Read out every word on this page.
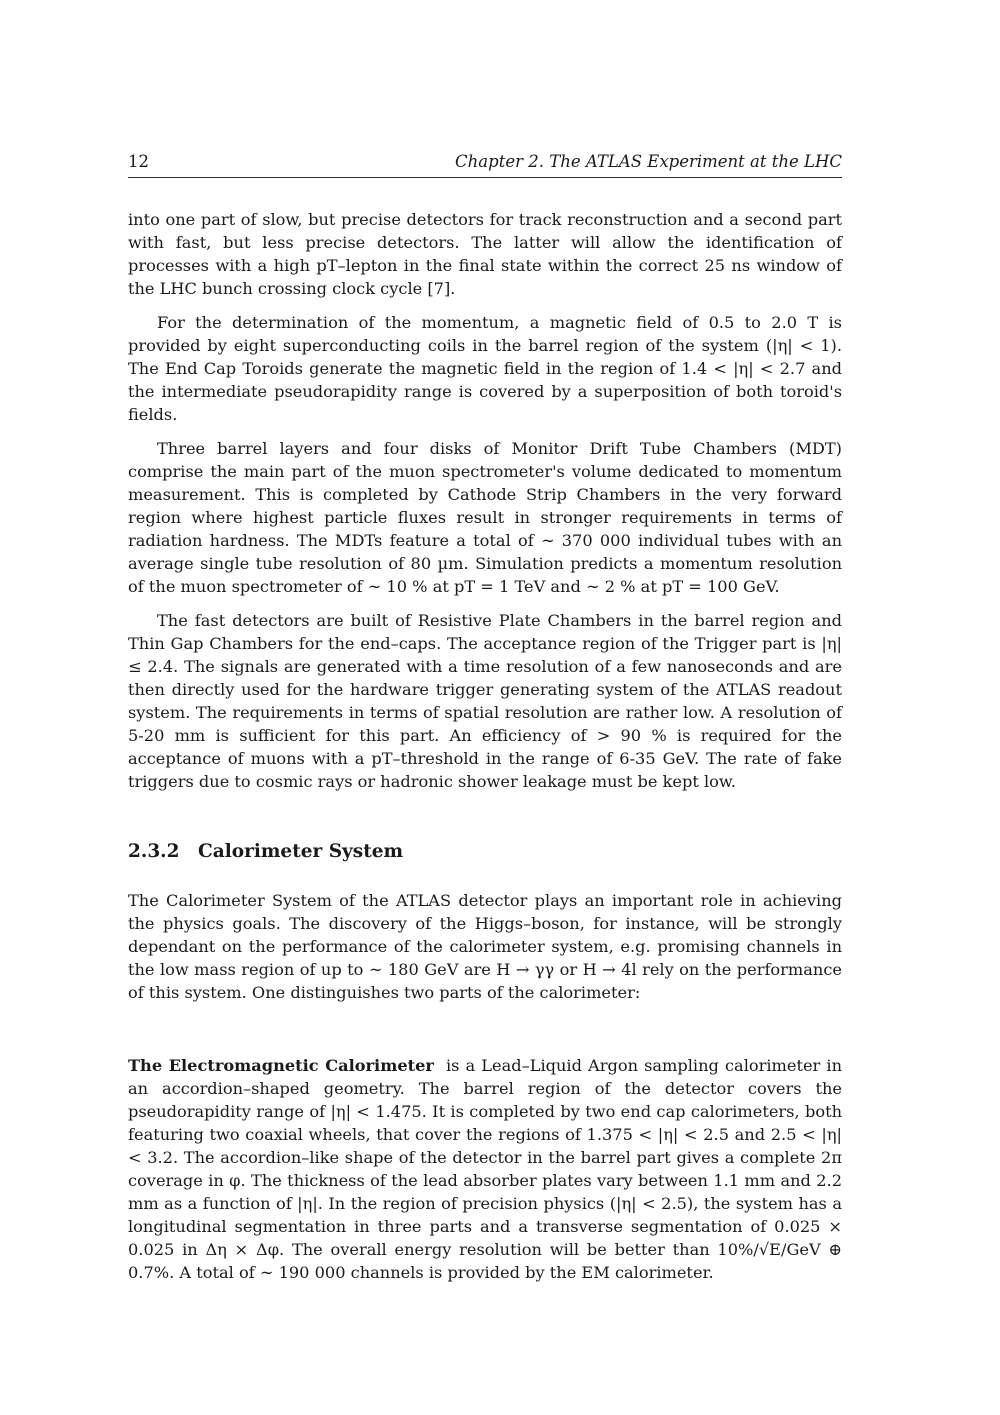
12	Chapter 2. The ATLAS Experiment at the LHC

into one part of slow, but precise detectors for track reconstruction and a second part with fast, but less precise detectors. The latter will allow the identification of processes with a high pT–lepton in the final state within the correct 25 ns window of the LHC bunch crossing clock cycle [7].

For the determination of the momentum, a magnetic field of 0.5 to 2.0 T is provided by eight superconducting coils in the barrel region of the system (|η| < 1). The End Cap Toroids generate the magnetic field in the region of 1.4 < |η| < 2.7 and the intermediate pseudorapidity range is covered by a superposition of both toroid's fields.

Three barrel layers and four disks of Monitor Drift Tube Chambers (MDT) comprise the main part of the muon spectrometer's volume dedicated to momentum measurement. This is completed by Cathode Strip Chambers in the very forward region where highest particle fluxes result in stronger requirements in terms of radiation hardness. The MDTs feature a total of ∼ 370 000 individual tubes with an average single tube resolution of 80 µm. Simulation predicts a momentum resolution of the muon spectrometer of ∼ 10 % at pT = 1 TeV and ∼ 2 % at pT = 100 GeV.

The fast detectors are built of Resistive Plate Chambers in the barrel region and Thin Gap Chambers for the end–caps. The acceptance region of the Trigger part is |η| ≤ 2.4. The signals are generated with a time resolution of a few nanoseconds and are then directly used for the hardware trigger generating system of the ATLAS readout system. The requirements in terms of spatial resolution are rather low. A resolution of 5-20 mm is sufficient for this part. An efficiency of > 90 % is required for the acceptance of muons with a pT–threshold in the range of 6-35 GeV. The rate of fake triggers due to cosmic rays or hadronic shower leakage must be kept low.

2.3.2 Calorimeter System

The Calorimeter System of the ATLAS detector plays an important role in achieving the physics goals. The discovery of the Higgs–boson, for instance, will be strongly dependant on the performance of the calorimeter system, e.g. promising channels in the low mass region of up to ∼ 180 GeV are H → γγ or H → 4l rely on the performance of this system. One distinguishes two parts of the calorimeter:

The Electromagnetic Calorimeter is a Lead–Liquid Argon sampling calorimeter in an accordion–shaped geometry. The barrel region of the detector covers the pseudorapidity range of |η| < 1.475. It is completed by two end cap calorimeters, both featuring two coaxial wheels, that cover the regions of 1.375 < |η| < 2.5 and 2.5 < |η| < 3.2. The accordion–like shape of the detector in the barrel part gives a complete 2π coverage in φ. The thickness of the lead absorber plates vary between 1.1 mm and 2.2 mm as a function of |η|. In the region of precision physics (|η| < 2.5), the system has a longitudinal segmentation in three parts and a transverse segmentation of 0.025 × 0.025 in Δη × Δφ. The overall energy resolution will be better than 10%/√E/GeV ⊕ 0.7%. A total of ∼ 190 000 channels is provided by the EM calorimeter.
